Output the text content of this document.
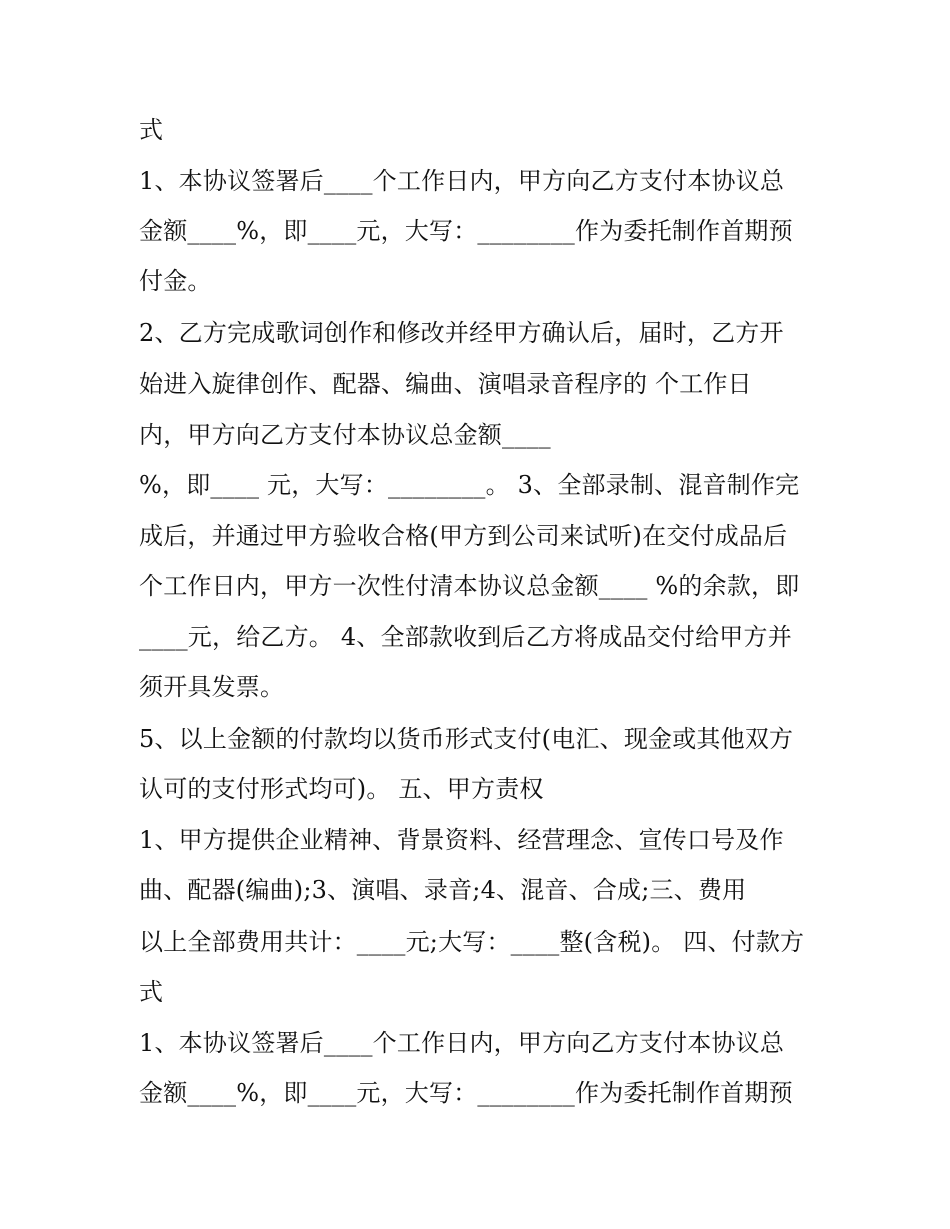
式
1、本协议签署后____个工作日内，甲方向乙方支付本协议总
金额____%，即____元，大写：________作为委托制作首期预
付金。
2、乙方完成歌词创作和修改并经甲方确认后，届时，乙方开
始进入旋律创作、配器、编曲、演唱录音程序的 个工作日
内，甲方向乙方支付本协议总金额____
%，即____ 元，大写：________。 3、全部录制、混音制作完
成后，并通过甲方验收合格(甲方到公司来试听)在交付成品后
个工作日内，甲方一次性付清本协议总金额____ %的余款，即
____元，给乙方。 4、全部款收到后乙方将成品交付给甲方并
须开具发票。
5、以上金额的付款均以货币形式支付(电汇、现金或其他双方
认可的支付形式均可)。 五、甲方责权
1、甲方提供企业精神、背景资料、经营理念、宣传口号及作
曲、配器(编曲);3、演唱、录音;4、混音、合成;三、费用
以上全部费用共计：____元;大写：____整(含税)。 四、付款方
式
1、本协议签署后____个工作日内，甲方向乙方支付本协议总
金额____%，即____元，大写：________作为委托制作首期预
